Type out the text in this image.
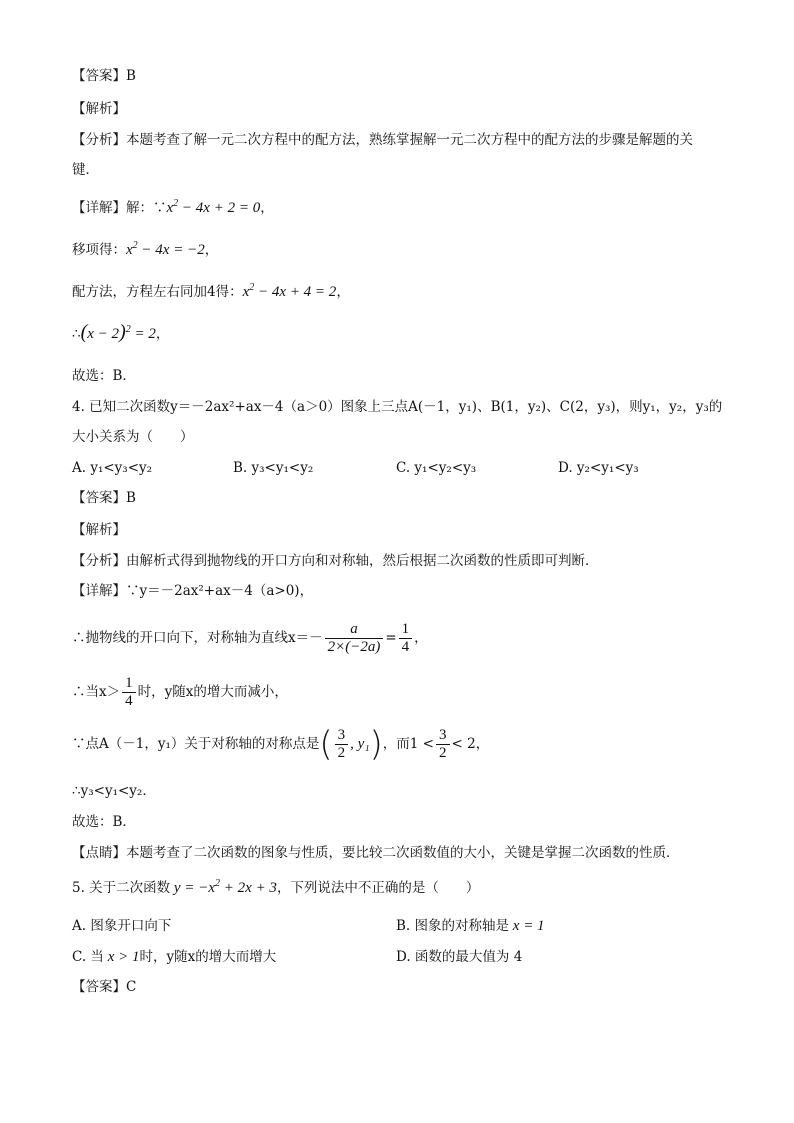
【答案】B
【解析】
【分析】本题考查了解一元二次方程中的配方法，熟练掌握解一元二次方程中的配方法的步骤是解题的关
键．
【详解】解：$\because x^2 - 4x + 2 = 0$，
移项得：$x^2 - 4x = -2$，
配方法，方程左右同加4得：$x^2 - 4x + 4 = 2$，
∴(x − 2)$^2$ = 2，
故选：B．
4. 已知二次函数y＝－2ax²+ax－4（a＞0）图象上三点A(－1，y₁)、B(1，y₂)、C(2，y₃)，则y₁，y₂，y₃的
大小关系为（　　）
A. y₁<y₃<y₂	B. y₃<y₁<y₂	C. y₁<y₂<y₃	D. y₂<y₁<y₃
【答案】B
【解析】
【分析】由解析式得到抛物线的开口方向和对称轴，然后根据二次函数的性质即可判断．
【详解】∵y＝－2ax²+ax－4（a>0)，
∴抛物线的开口向下，对称轴为直线$x=- \frac{a}{2\times(-2a)} = \frac{1}{4}$ ，
∴当$x> \frac{1}{4}$ 时，y随x的增大而减小，
∵点A（－1，y₁）关于对称轴的对称点是( $\frac{3}{2}$ , y₁)，而$1 < \frac{3}{2} < 2$，
∴y₃<y₁<y₂．
故选：B．
【点睛】本题考查了二次函数的图象与性质，要比较二次函数值的大小，关键是掌握二次函数的性质．
5. 关于二次函数 $y = -x^2 + 2x + 3$，下列说法中不正确的是（　　）
A. 图象开口向下	B. 图象的对称轴是 x = 1
C. 当 x > 1时，y随x的增大而增大	D. 函数的最大值为 4
【答案】C
